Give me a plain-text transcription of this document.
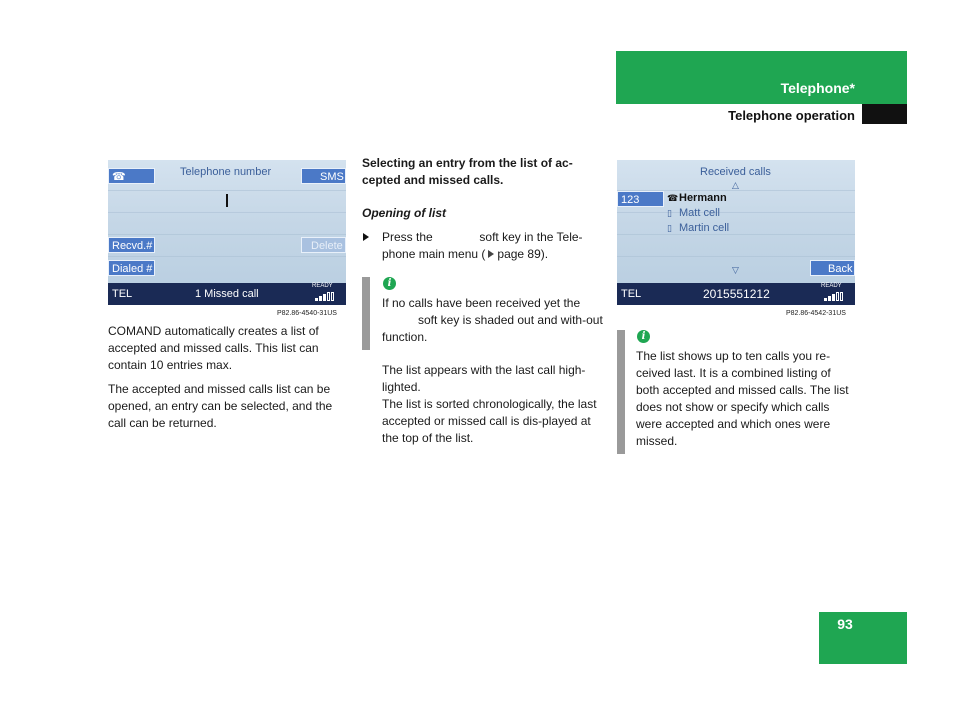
Telephone*
Telephone operation
☎	Telephone number	SMS
Delete
Recvd.#
Dialed #
TEL	1 Missed call
READY
P82.86-4540-31US
COMAND automatically creates a list of accepted and missed calls. This list can contain 10 entries max.
The accepted and missed calls list can be opened, an entry can be selected, and the call can be returned.
Selecting an entry from the list of ac-cepted and missed calls.
Opening of list
Press the	soft key in the Tele-phone main menu ( page 89).
i
If no calls have been received yet the
soft key is shaded out and with-out function.
The list appears with the last call high-lighted.
The list is sorted chronologically, the last accepted or missed call is dis-played at the top of the list.
Received calls
△
123	☎Hermann
▯ Matt cell
▯ Martin cell
▽	Back
TEL	2015551212
READY
P82.86-4542-31US
i
The list shows up to ten calls you re-ceived last. It is a combined listing of both accepted and missed calls. The list does not show or specify which calls were accepted and which ones were missed.
93
